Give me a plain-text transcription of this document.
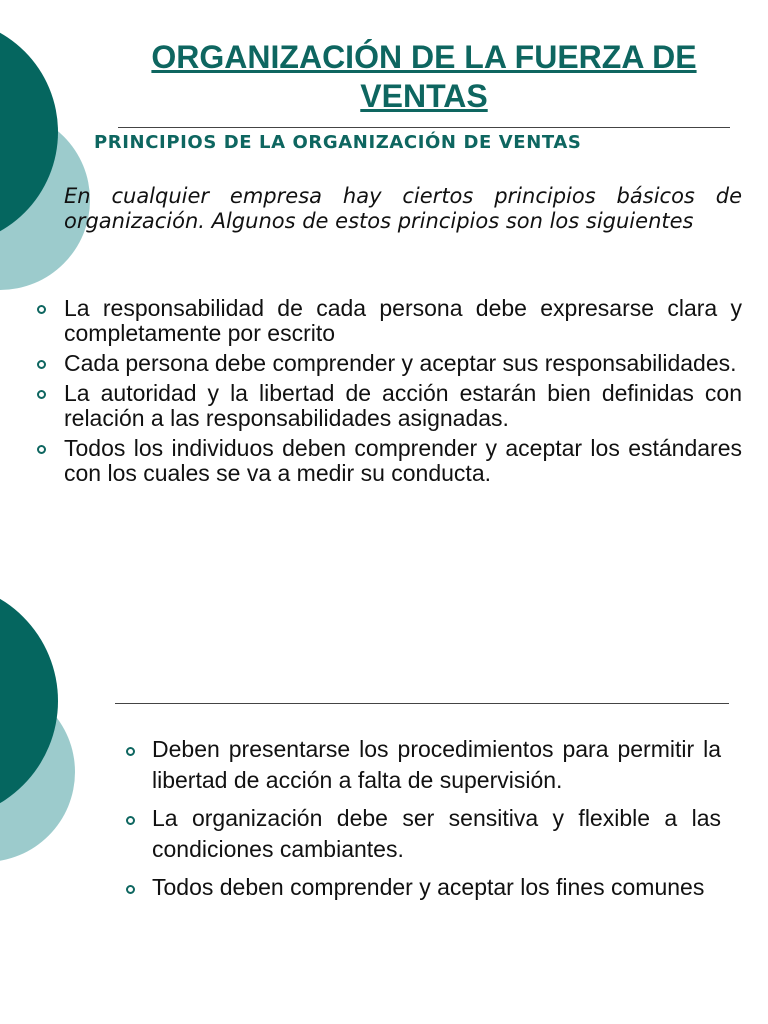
ORGANIZACIÓN DE LA FUERZA DE VENTAS
PRINCIPIOS DE LA ORGANIZACIÓN DE VENTAS

En cualquier empresa hay ciertos principios básicos de organización. Algunos de estos principios son los siguientes

La responsabilidad de cada persona debe expresarse clara y completamente por escrito
Cada persona debe comprender y aceptar sus responsabilidades.
La autoridad y la libertad de acción estarán bien definidas con relación a las responsabilidades asignadas.
Todos los individuos deben comprender y aceptar los estándares con los cuales se va a medir su conducta.
Deben presentarse los procedimientos para permitir la libertad de acción a falta de supervisión.
La organización debe ser sensitiva y flexible a las condiciones cambiantes.
Todos deben comprender y aceptar los fines comunes
